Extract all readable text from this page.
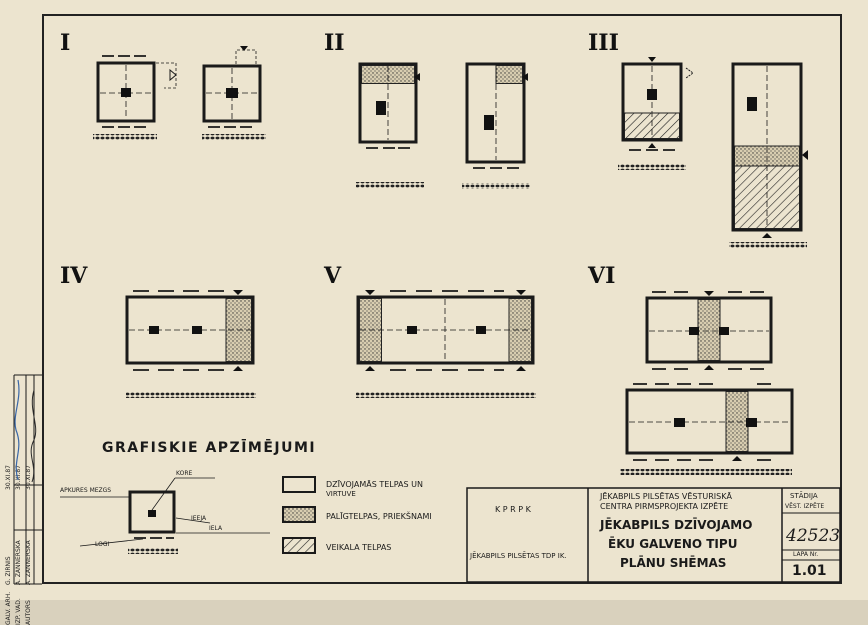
I	II	III
IV	V	VI
GRAFISKIE APZĪMĒJUMI
KORE
APKURES MEZGS
IEEJA
IELA
LOGI
DZĪVOJAMĀS TELPAS UN
VIRTUVE
PALĪGTELPAS, PRIEKŠNAMI
VEIKALA TELPAS
K P R P K
JĒKABPILS PILSĒTAS TDP IK.
JĒKABPILS PILSĒTAS VĒSTURISKĀ
CENTRA PIRMSPROJEKTA IZPĒTE
JĒKABPILS DZĪVOJAMO
ĒKU GALVENO TIPU
PLĀNU SHĒMAS
STĀDIJA
VĒST. IZPĒTE
42523
LAPA Nr.
1.01
GALV. ARH. IZP. VAD. AUTORS
G. ZIRNIS A. ZANNERSKA A. ZANNERSKA
30.XI.87 30.XI.87 30.XI.87
